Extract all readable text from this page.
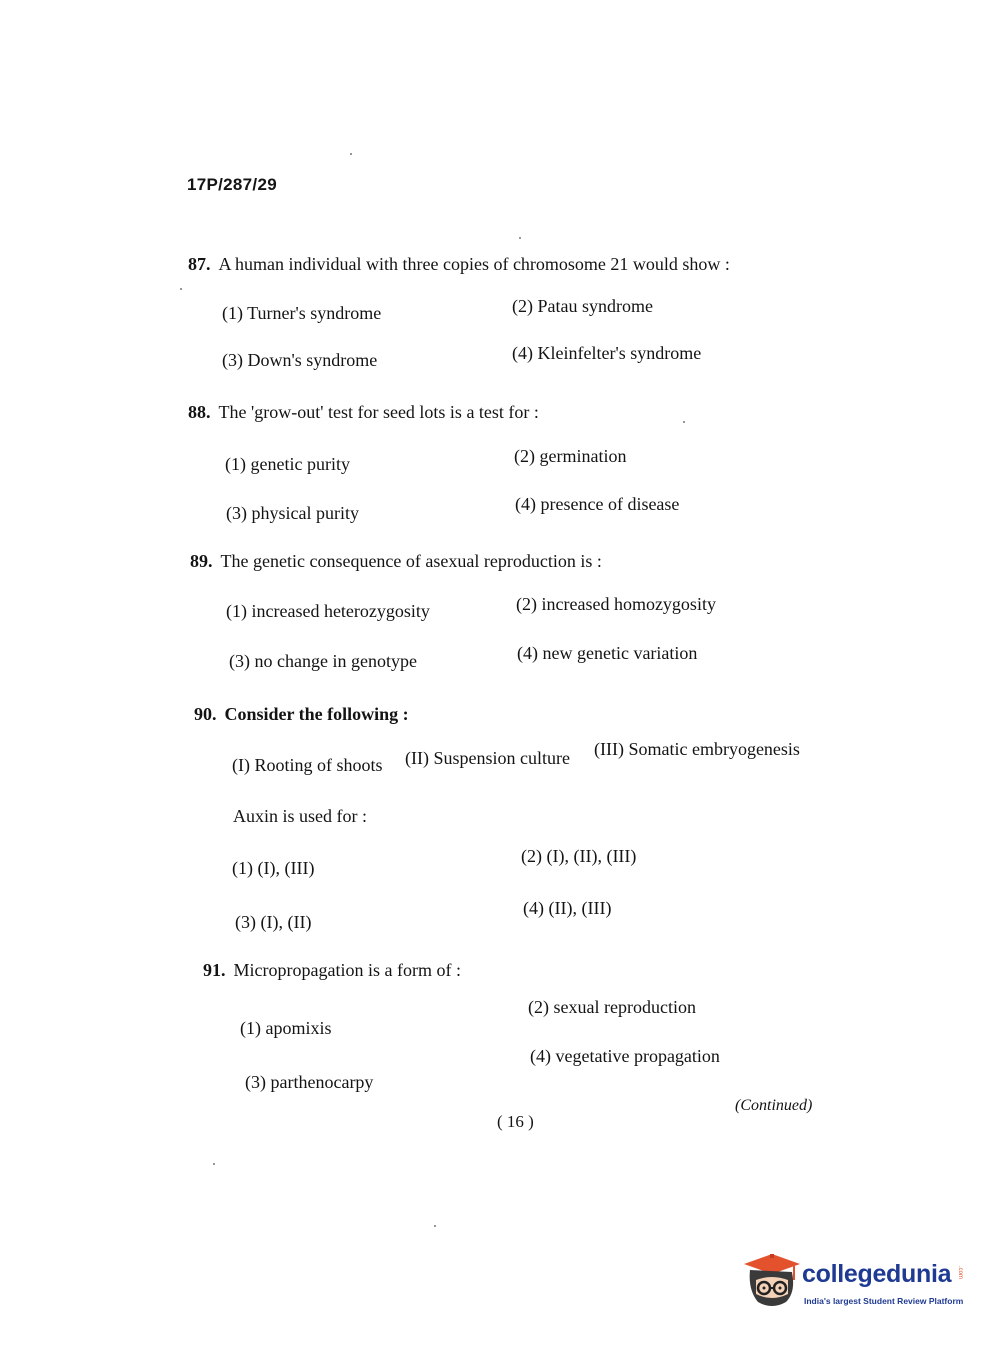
17P/287/29
87. A human individual with three copies of chromosome 21 would show :
(1) Turner's syndrome	(2) Patau syndrome
(3) Down's syndrome	(4) Kleinfelter's syndrome
88. The 'grow-out' test for seed lots is a test for :
(1) genetic purity	(2) germination
(3) physical purity	(4) presence of disease
89. The genetic consequence of asexual reproduction is :
(1) increased heterozygosity	(2) increased homozygosity
(3) no change in genotype	(4) new genetic variation
90. Consider the following :
(I) Rooting of shoots (II) Suspension culture (III) Somatic embryogenesis
Auxin is used for :
(1) (I), (III)
(2) (I), (II), (III)
(3) (I), (II)
(4) (II), (III)
91. Micropropagation is a form of :
(1) apomixis
(2) sexual reproduction
(3) parthenocarpy
(4) vegetative propagation
( 16 )
(Continued)
collegedunia .com
India's largest Student Review Platform
